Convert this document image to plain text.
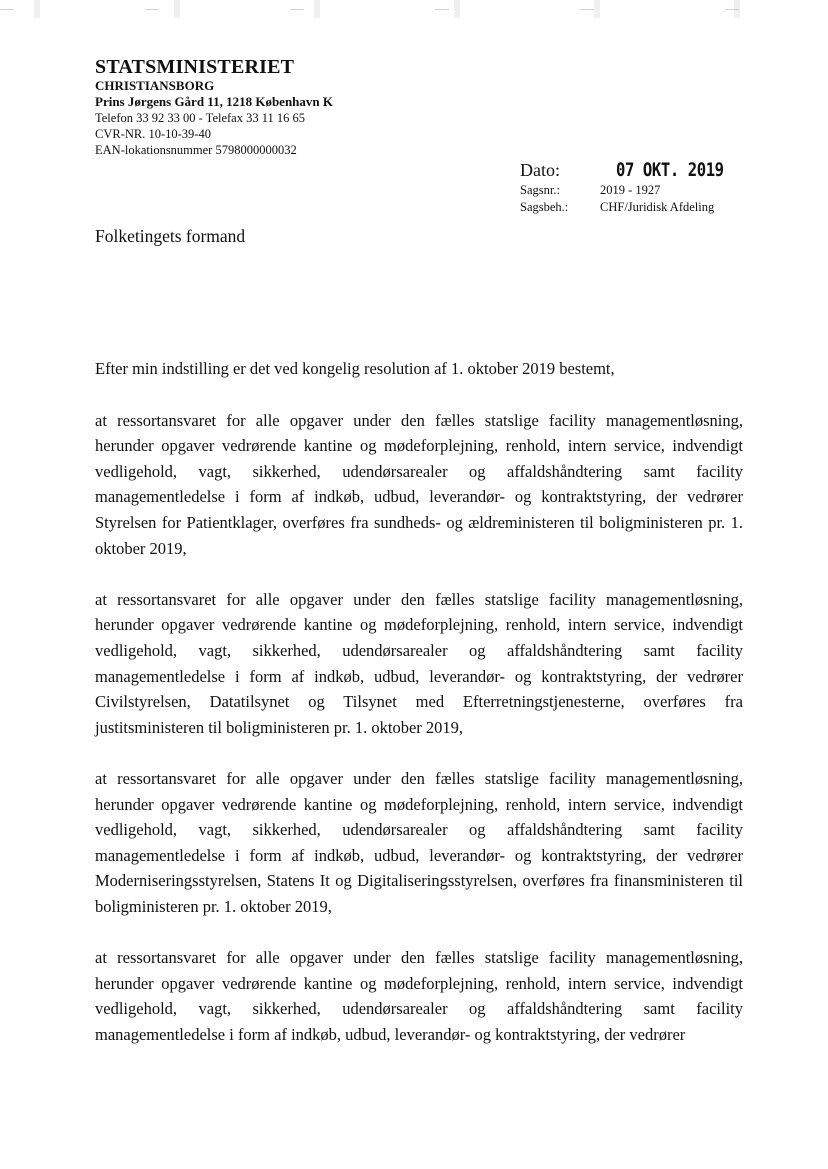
STATSMINISTERIET
CHRISTIANSBORG
Prins Jørgens Gård 11, 1218 København K
Telefon 33 92 33 00 - Telefax 33 11 16 65
CVR-NR. 10-10-39-40
EAN-lokationsnummer 5798000000032
Dato:	07 OKT. 2019
Sagsnr.:	2019 - 1927
Sagsbeh.:	CHF/Juridisk Afdeling
Folketingets formand

Efter min indstilling er det ved kongelig resolution af 1. oktober 2019 bestemt,

at ressortansvaret for alle opgaver under den fælles statslige facility managementløsning, herunder opgaver vedrørende kantine og mødeforplejning, renhold, intern service, indvendigt vedligehold, vagt, sikkerhed, udendørsarealer og affaldshåndtering samt facility managementledelse i form af indkøb, udbud, leverandør- og kontraktstyring, der vedrører Styrelsen for Patientklager, overføres fra sundheds- og ældreministeren til boligministeren pr. 1. oktober 2019,

at ressortansvaret for alle opgaver under den fælles statslige facility managementløsning, herunder opgaver vedrørende kantine og mødeforplejning, renhold, intern service, indvendigt vedligehold, vagt, sikkerhed, udendørsarealer og affaldshåndtering samt facility managementledelse i form af indkøb, udbud, leverandør- og kontraktstyring, der vedrører Civilstyrelsen, Datatilsynet og Tilsynet med Efterretningstjenesterne, overføres fra justitsministeren til boligministeren pr. 1. oktober 2019,

at ressortansvaret for alle opgaver under den fælles statslige facility managementløsning, herunder opgaver vedrørende kantine og mødeforplejning, renhold, intern service, indvendigt vedligehold, vagt, sikkerhed, udendørsarealer og affaldshåndtering samt facility managementledelse i form af indkøb, udbud, leverandør- og kontraktstyring, der vedrører Moderniseringsstyrelsen, Statens It og Digitaliseringsstyrelsen, overføres fra finansministeren til boligministeren pr. 1. oktober 2019,

at ressortansvaret for alle opgaver under den fælles statslige facility managementløsning, herunder opgaver vedrørende kantine og mødeforplejning, renhold, intern service, indvendigt vedligehold, vagt, sikkerhed, udendørsarealer og affaldshåndtering samt facility managementledelse i form af indkøb, udbud, leverandør- og kontraktstyring, der vedrører
